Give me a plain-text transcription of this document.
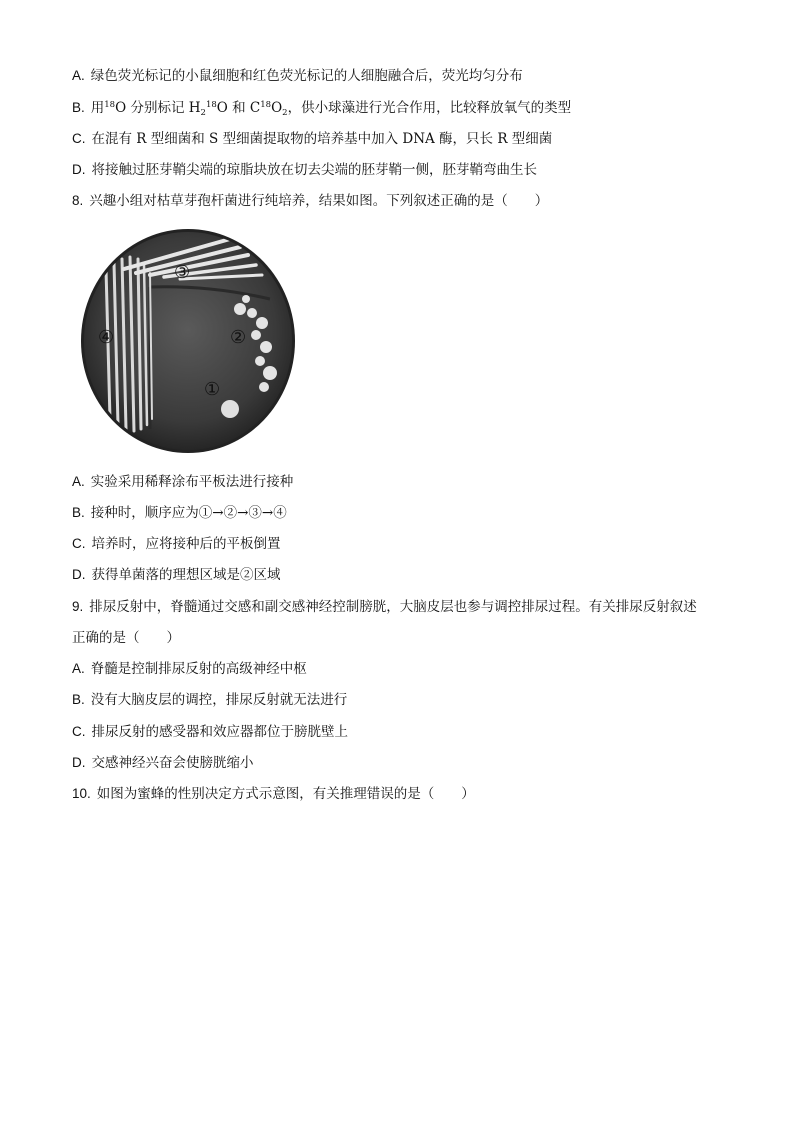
A. 绿色荧光标记的小鼠细胞和红色荧光标记的人细胞融合后，荧光均匀分布
B. 用$^{18}$O 分别标记 $H_2^{18}O$ 和 $C^{18}O_2$，供小球藻进行光合作用，比较释放氧气的类型
C. 在混有 R 型细菌和 S 型细菌提取物的培养基中加入 DNA 酶，只长 R 型细菌
D. 将接触过胚芽鞘尖端的琼脂块放在切去尖端的胚芽鞘一侧，胚芽鞘弯曲生长
8. 兴趣小组对枯草芽孢杆菌进行纯培养，结果如图。下列叙述正确的是（　　）
③
②
④
①
A. 实验采用稀释涂布平板法进行接种
B. 接种时，顺序应为①→②→③→④
C. 培养时，应将接种后的平板倒置
D. 获得单菌落的理想区域是②区域
9. 排尿反射中，脊髓通过交感和副交感神经控制膀胱，大脑皮层也参与调控排尿过程。有关排尿反射叙述
正确的是（　　）
A. 脊髓是控制排尿反射的高级神经中枢
B. 没有大脑皮层的调控，排尿反射就无法进行
C. 排尿反射的感受器和效应器都位于膀胱壁上
D. 交感神经兴奋会使膀胱缩小
10. 如图为蜜蜂的性别决定方式示意图，有关推理错误的是（　　）
